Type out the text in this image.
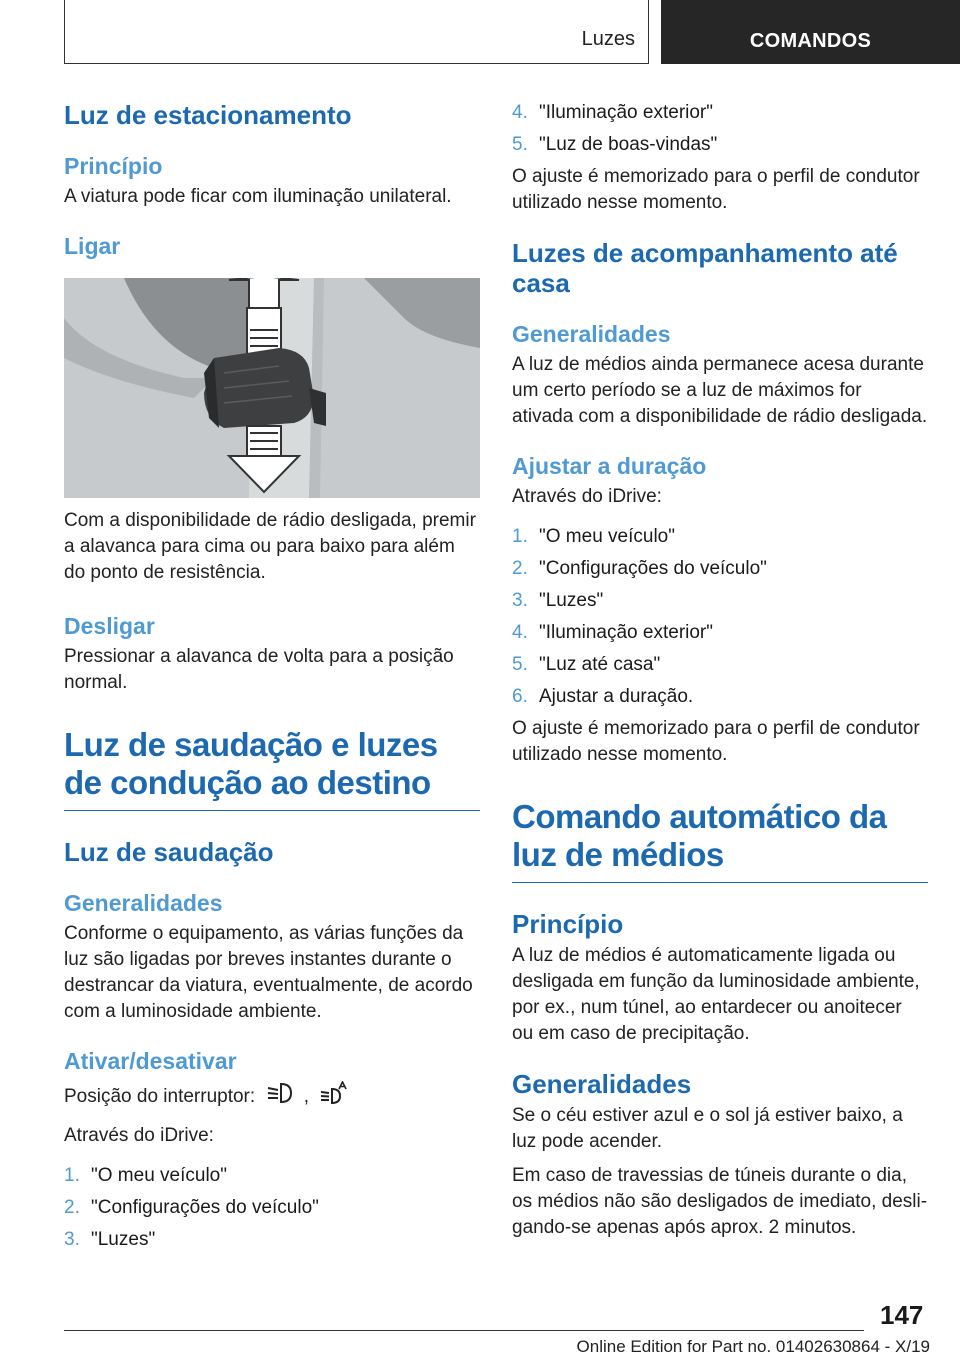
Luzes	COMANDOS
Luz de estacionamento
Princípio
A viatura pode ficar com iluminação unilateral.
Ligar
Com a disponibilidade de rádio desligada, premir a alavanca para cima ou para baixo para além do ponto de resistência.
Desligar
Pressionar a alavanca de volta para a posição normal.
Luz de saudação e luzes de condução ao destino
Luz de saudação
Generalidades
Conforme o equipamento, as várias funções da luz são ligadas por breves instantes durante o destrancar da viatura, eventualmente, de acordo com a luminosidade ambiente.
Ativar/desativar
Posição do interruptor:	,
Através do iDrive:
1. "O meu veículo"
2. "Configurações do veículo"
3. "Luzes"
4. "Iluminação exterior"
5. "Luz de boas-vindas"
O ajuste é memorizado para o perfil de condutor utilizado nesse momento.
Luzes de acompanhamento até casa
Generalidades
A luz de médios ainda permanece acesa durante um certo período se a luz de máximos for ativada com a disponibilidade de rádio desligada.
Ajustar a duração
Através do iDrive:
1. "O meu veículo"
2. "Configurações do veículo"
3. "Luzes"
4. "Iluminação exterior"
5. "Luz até casa"
6. Ajustar a duração.
O ajuste é memorizado para o perfil de condutor utilizado nesse momento.
Comando automático da luz de médios
Princípio
A luz de médios é automaticamente ligada ou desligada em função da luminosidade ambiente, por ex., num túnel, ao entardecer ou anoitecer ou em caso de precipitação.
Generalidades
Se o céu estiver azul e o sol já estiver baixo, a luz pode acender.
Em caso de travessias de túneis durante o dia, os médios não são desligados de imediato, desli-gando-se apenas após aprox. 2 minutos.
147
Online Edition for Part no. 01402630864 - X/19
